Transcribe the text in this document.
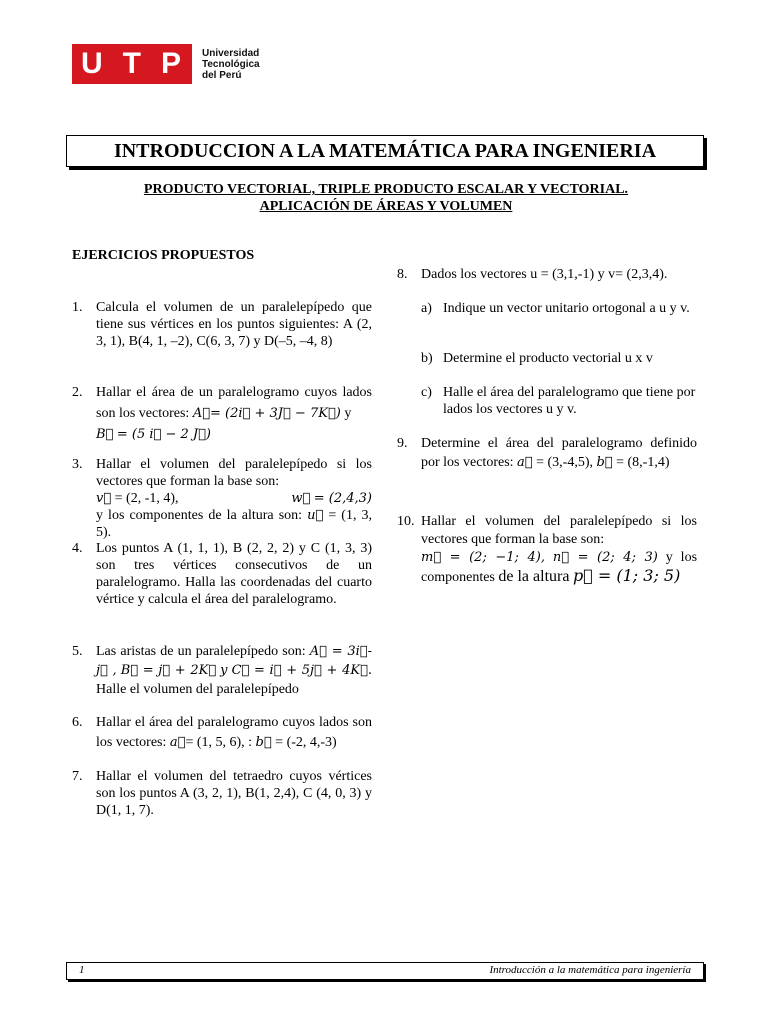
U T P Universidad
Tecnológica
del Perú
INTRODUCCION A LA MATEMÁTICA PARA INGENIERIA
PRODUCTO VECTORIAL, TRIPLE PRODUCTO ESCALAR Y VECTORIAL.
APLICACIÓN DE ÁREAS Y VOLUMEN
EJERCICIOS PROPUESTOS
1. Calcula el volumen de un paralelepípedo que tiene sus vértices en los puntos siguientes: A (2, 3, 1), B(4, 1, –2), C(6, 3, 7) y D(–5, –4, 8)
2. Hallar el área de un paralelogramo cuyos lados son los vectores: A⃗= (2i⃗ + 3J⃗ − 7K⃗) y
B⃗ = (5 i⃗ − 2 J⃗)
3. Hallar el volumen del paralelepípedo si los vectores que forman la base son:

v⃗ = (2, -1, 4),	w⃗ = (2,4,3)
y los componentes de la altura son: u⃗ = (1, 3, 5).
4. Los puntos A (1, 1, 1), B (2, 2, 2) y C (1, 3, 3) son tres vértices consecutivos de un paralelogramo. Halla las coordenadas del cuarto vértice y calcula el área del paralelogramo.
5. Las aristas de un paralelepípedo son: A⃗ = 3i⃗-j⃗ , B⃗ = j⃗ + 2K⃗ y C⃗ = i⃗ + 5j⃗ + 4K⃗. Halle el volumen del paralelepípedo
6. Hallar el área del paralelogramo cuyos lados son los vectores: a⃗= (1, 5, 6), : b⃗ = (-2, 4,-3)
7. Hallar el volumen del tetraedro cuyos vértices son los puntos A (3, 2, 1), B(1, 2,4), C (4, 0, 3) y D(1, 1, 7).
8. Dados los vectores u = (3,1,-1) y v= (2,3,4).
a) Indique un vector unitario ortogonal a u y v.
b) Determine el producto vectorial u x v
c) Halle el área del paralelogramo que tiene por lados los vectores u y v.
9. Determine el área del paralelogramo definido por los vectores: a⃗ = (3,-4,5), b⃗ = (8,-1,4)
10. Hallar el volumen del paralelepípedo si los vectores que forman la base son:
m⃗ = (2; −1; 4), n⃗ = (2; 4; 3) y los componentes de la altura p⃗ = (1; 3; 5)
1	Introducción a la matemática para ingeniería
